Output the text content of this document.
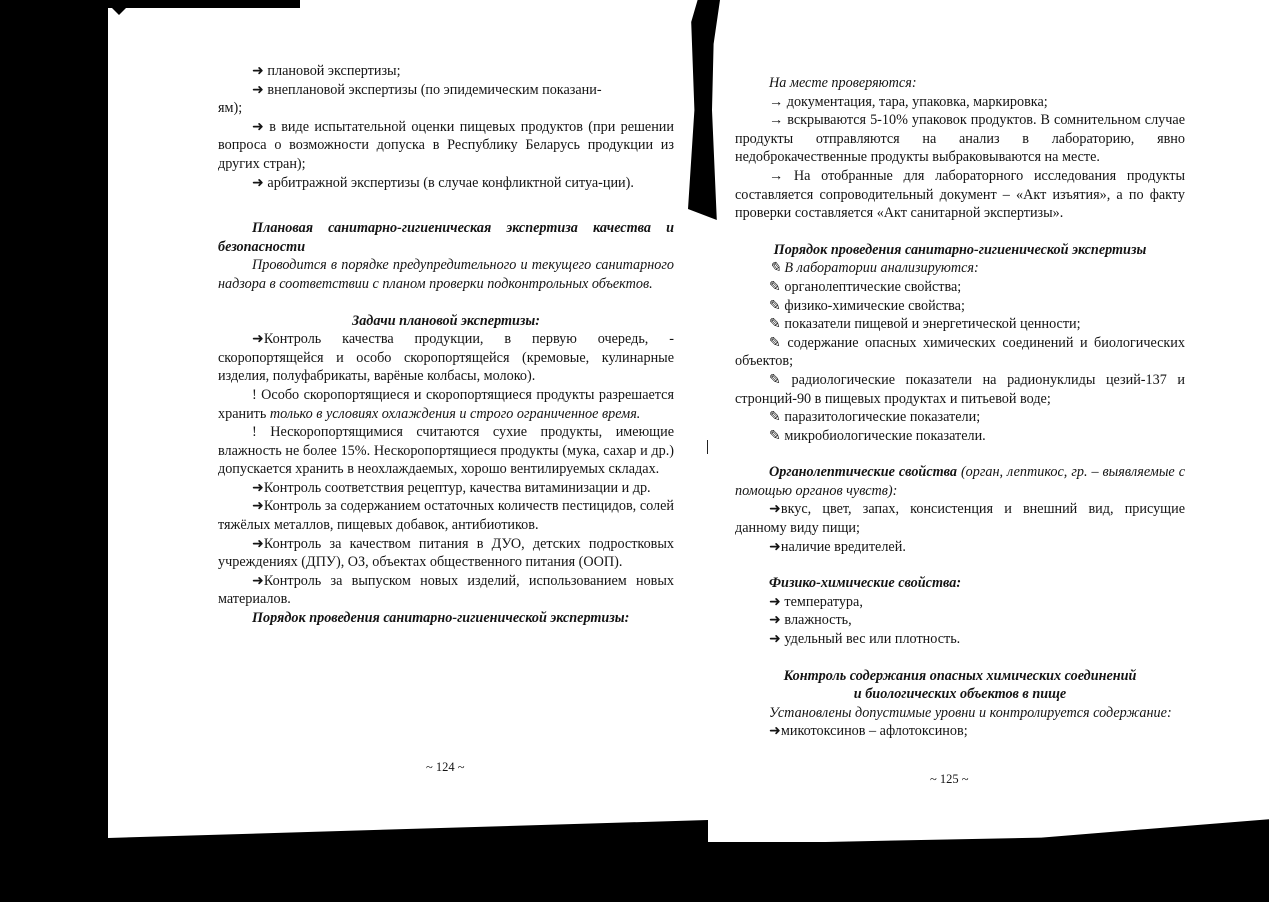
➜ плановой экспертизы;

➜ внеплановой экспертизы (по эпидемическим показани-

ям);

➜ в виде испытательной оценки пищевых продуктов (при решении вопроса о возможности допуска в Республику Беларусь продукции из других стран);

➜ арбитражной экспертизы (в случае конфликтной ситуа-ции).

Плановая санитарно-гигиеническая экспертиза качества и безопасности

Проводится в порядке предупредительного и текущего санитарного надзора в соответствии с планом проверки подконтрольных объектов.

Задачи плановой экспертизы:

➜Контроль качества продукции, в первую очередь, - скоропортящейся и особо скоропортящейся (кремовые, кулинарные изделия, полуфабрикаты, варёные колбасы, молоко).

! Особо скоропортящиеся и скоропортящиеся продукты разрешается хранить только в условиях охлаждения и строго ограниченное время.

! Нескоропортящимися считаются сухие продукты, имеющие влажность не более 15%. Нескоропортящиеся продукты (мука, сахар и др.) допускается хранить в неохлаждаемых, хорошо вентилируемых складах.

➜Контроль соответствия рецептур, качества витаминизации и др.

➜Контроль за содержанием остаточных количеств пестицидов, солей тяжёлых металлов, пищевых добавок, антибиотиков.

➜Контроль за качеством питания в ДУО, детских подростковых учреждениях (ДПУ), ОЗ, объектах общественного питания (ООП).

➜Контроль за выпуском новых изделий, использованием новых материалов.

Порядок проведения санитарно-гигиенической экспертизы:

~ 124 ~

На месте проверяются:

→ документация, тара, упаковка, маркировка;

→ вскрываются 5-10% упаковок продуктов. В сомнительном случае продукты отправляются на анализ в лабораторию, явно недоброкачественные продукты выбраковываются на месте.

→ На отобранные для лабораторного исследования продукты составляется сопроводительный документ – «Акт изъятия», а по факту проверки составляется «Акт санитарной экспертизы».

Порядок проведения санитарно-гигиенической экспертизы

✎ В лаборатории анализируются:

✎ органолептические свойства;

✎ физико-химические свойства;

✎ показатели пищевой и энергетической ценности;

✎ содержание опасных химических соединений и биологических объектов;

✎ радиологические показатели на радионуклиды цезий-137 и стронций-90 в пищевых продуктах и питьевой воде;

✎ паразитологические показатели;

✎ микробиологические показатели.

Органолептические свойства (орган, лептикос, гр. – выявляемые с помощью органов чувств):

➜вкус, цвет, запах, консистенция и внешний вид, присущие данному виду пищи;

➜наличие вредителей.

Физико-химические свойства:

➜ температура,

➜ влажность,

➜ удельный вес или плотность.

Контроль содержания опасных химических соединений

и биологических объектов в пище

Установлены допустимые уровни и контролируется содержание:

➜микотоксинов – афлотоксинов;

~ 125 ~
